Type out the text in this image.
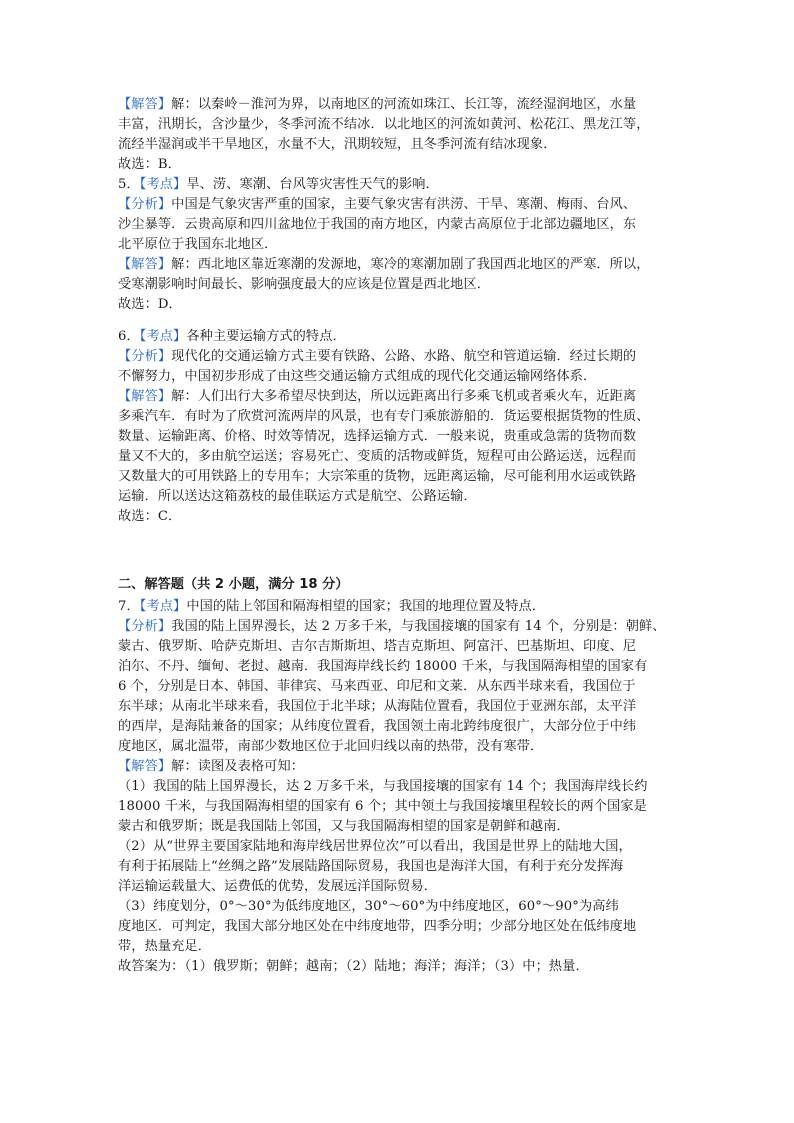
【解答】解：以秦岭－淮河为界，以南地区的河流如珠江、长江等，流经湿润地区，水量
丰富，汛期长，含沙量少，冬季河流不结冰．以北地区的河流如黄河、松花江、黑龙江等，
流经半湿润或半干旱地区，水量不大，汛期较短，且冬季河流有结冰现象．
故选：B．
5．【考点】旱、涝、寒潮、台风等灾害性天气的影响．
【分析】中国是气象灾害严重的国家，主要气象灾害有洪涝、干旱、寒潮、梅雨、台风、
沙尘暴等．云贵高原和四川盆地位于我国的南方地区，内蒙古高原位于北部边疆地区，东
北平原位于我国东北地区．
【解答】解：西北地区靠近寒潮的发源地，寒冷的寒潮加剧了我国西北地区的严寒．所以，
受寒潮影响时间最长、影响强度最大的应该是位置是西北地区．
故选：D．
6．【考点】各种主要运输方式的特点．
【分析】现代化的交通运输方式主要有铁路、公路、水路、航空和管道运输．经过长期的
不懈努力，中国初步形成了由这些交通运输方式组成的现代化交通运输网络体系．
【解答】解：人们出行大多希望尽快到达，所以远距离出行多乘飞机或者乘火车，近距离
多乘汽车．有时为了欣赏河流两岸的风景，也有专门乘旅游船的．货运要根据货物的性质、
数量、运输距离、价格、时效等情况，选择运输方式．一般来说，贵重或急需的货物而数
量又不大的，多由航空运送；容易死亡、变质的活物或鲜货，短程可由公路运送，远程而
又数量大的可用铁路上的专用车；大宗笨重的货物，远距离运输，尽可能利用水运或铁路
运输．所以送达这箱荔枝的最佳联运方式是航空、公路运输．
故选：C．
二、解答题（共 2 小题，满分 18 分）
7．【考点】中国的陆上邻国和隔海相望的国家；我国的地理位置及特点．
【分析】我国的陆上国界漫长，达 2 万多千米，与我国接壤的国家有 14 个，分别是：朝鲜、
蒙古、俄罗斯、哈萨克斯坦、吉尔吉斯斯坦、塔吉克斯坦、阿富汗、巴基斯坦、印度、尼
泊尔、不丹、缅甸、老挝、越南．我国海岸线长约 18000 千米，与我国隔海相望的国家有
6 个，分别是日本、韩国、菲律宾、马来西亚、印尼和文莱．从东西半球来看，我国位于
东半球；从南北半球来看，我国位于北半球；从海陆位置看，我国位于亚洲东部，太平洋
的西岸，是海陆兼备的国家；从纬度位置看，我国领土南北跨纬度很广，大部分位于中纬
度地区，属北温带，南部少数地区位于北回归线以南的热带，没有寒带．
【解答】解：读图及表格可知：
（1）我国的陆上国界漫长，达 2 万多千米，与我国接壤的国家有 14 个；我国海岸线长约
18000 千米，与我国隔海相望的国家有 6 个；其中领土与我国接壤里程较长的两个国家是
蒙古和俄罗斯；既是我国陆上邻国，又与我国隔海相望的国家是朝鲜和越南．
（2）从“世界主要国家陆地和海岸线居世界位次”可以看出，我国是世界上的陆地大国，
有利于拓展陆上“丝绸之路”发展陆路国际贸易，我国也是海洋大国，有利于充分发挥海
洋运输运载量大、运费低的优势，发展远洋国际贸易．
（3）纬度划分，0°～30°为低纬度地区，30°～60°为中纬度地区，60°～90°为高纬
度地区．可判定，我国大部分地区处在中纬度地带，四季分明；少部分地区处在低纬度地
带，热量充足．
故答案为：（1）俄罗斯；朝鲜；越南；（2）陆地；海洋；海洋；（3）中；热量．
